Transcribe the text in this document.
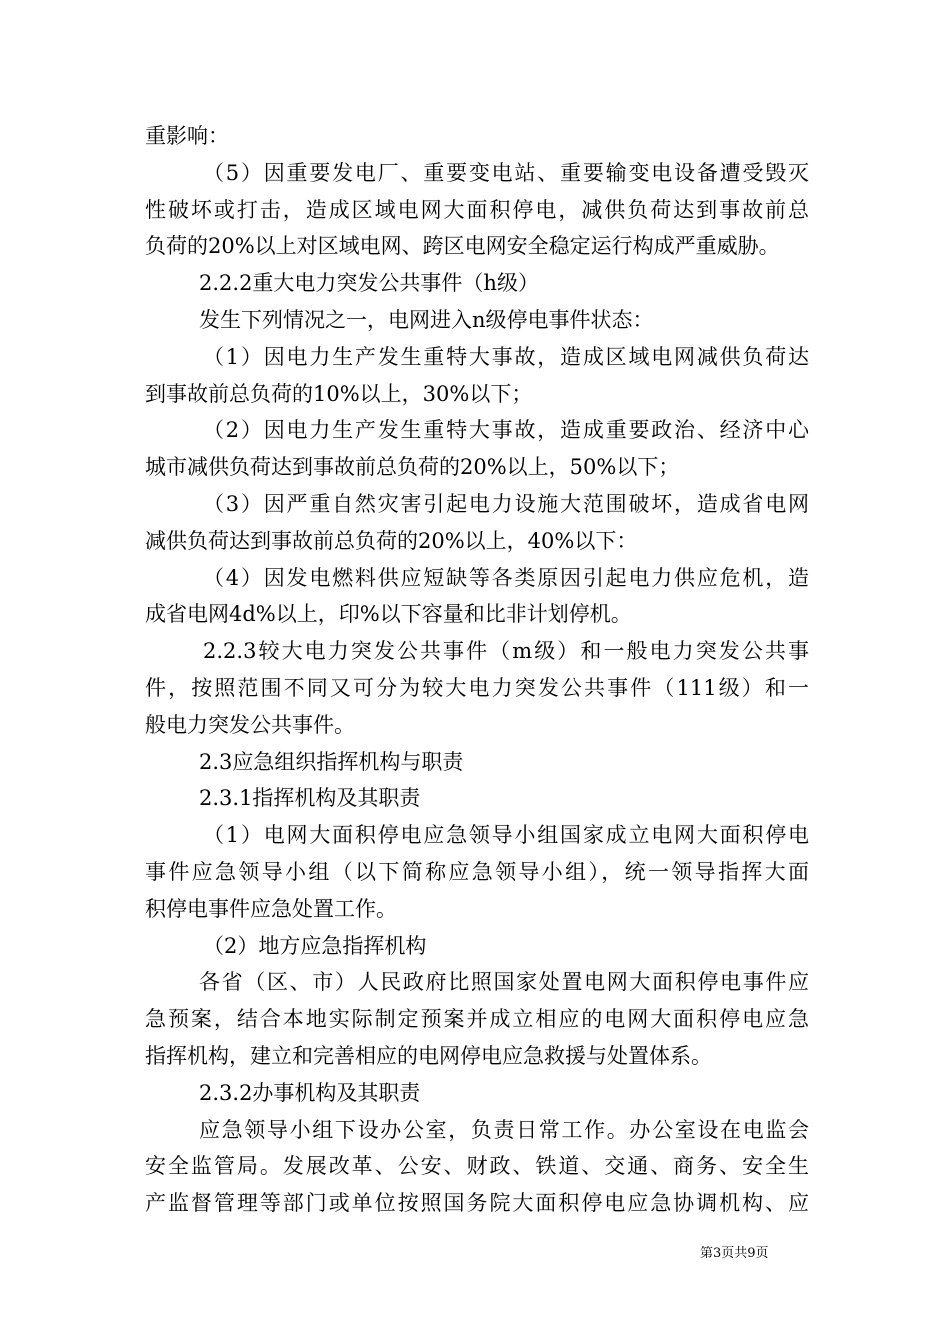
重影响：
（5）因重要发电厂、重要变电站、重要输变电设备遭受毁灭
性破坏或打击，造成区域电网大面积停电，减供负荷达到事故前总
负荷的20%以上对区域电网、跨区电网安全稳定运行构成严重威胁。
2.2.2重大电力突发公共事件（h级）
发生下列情况之一，电网进入n级停电事件状态：
（1）因电力生产发生重特大事故，造成区域电网减供负荷达
到事故前总负荷的10%以上，30%以下；
（2）因电力生产发生重特大事故，造成重要政治、经济中心
城市减供负荷达到事故前总负荷的20%以上，50%以下；
（3）因严重自然灾害引起电力设施大范围破坏，造成省电网
减供负荷达到事故前总负荷的20%以上，40%以下：
（4）因发电燃料供应短缺等各类原因引起电力供应危机，造
成省电网4d%以上，印%以下容量和比非计划停机。
2.2.3较大电力突发公共事件（m级）和一般电力突发公共事
件，按照范围不同又可分为较大电力突发公共事件（111级）和一
般电力突发公共事件。
2.3应急组织指挥机构与职责
2.3.1指挥机构及其职责
（1）电网大面积停电应急领导小组国家成立电网大面积停电
事件应急领导小组（以下简称应急领导小组），统一领导指挥大面
积停电事件应急处置工作。
（2）地方应急指挥机构
各省（区、市）人民政府比照国家处置电网大面积停电事件应
急预案，结合本地实际制定预案并成立相应的电网大面积停电应急
指挥机构，建立和完善相应的电网停电应急救援与处置体系。
2.3.2办事机构及其职责
应急领导小组下设办公室，负责日常工作。办公室设在电监会
安全监管局。发展改革、公安、财政、铁道、交通、商务、安全生
产监督管理等部门或单位按照国务院大面积停电应急协调机构、应
第3页共9页
